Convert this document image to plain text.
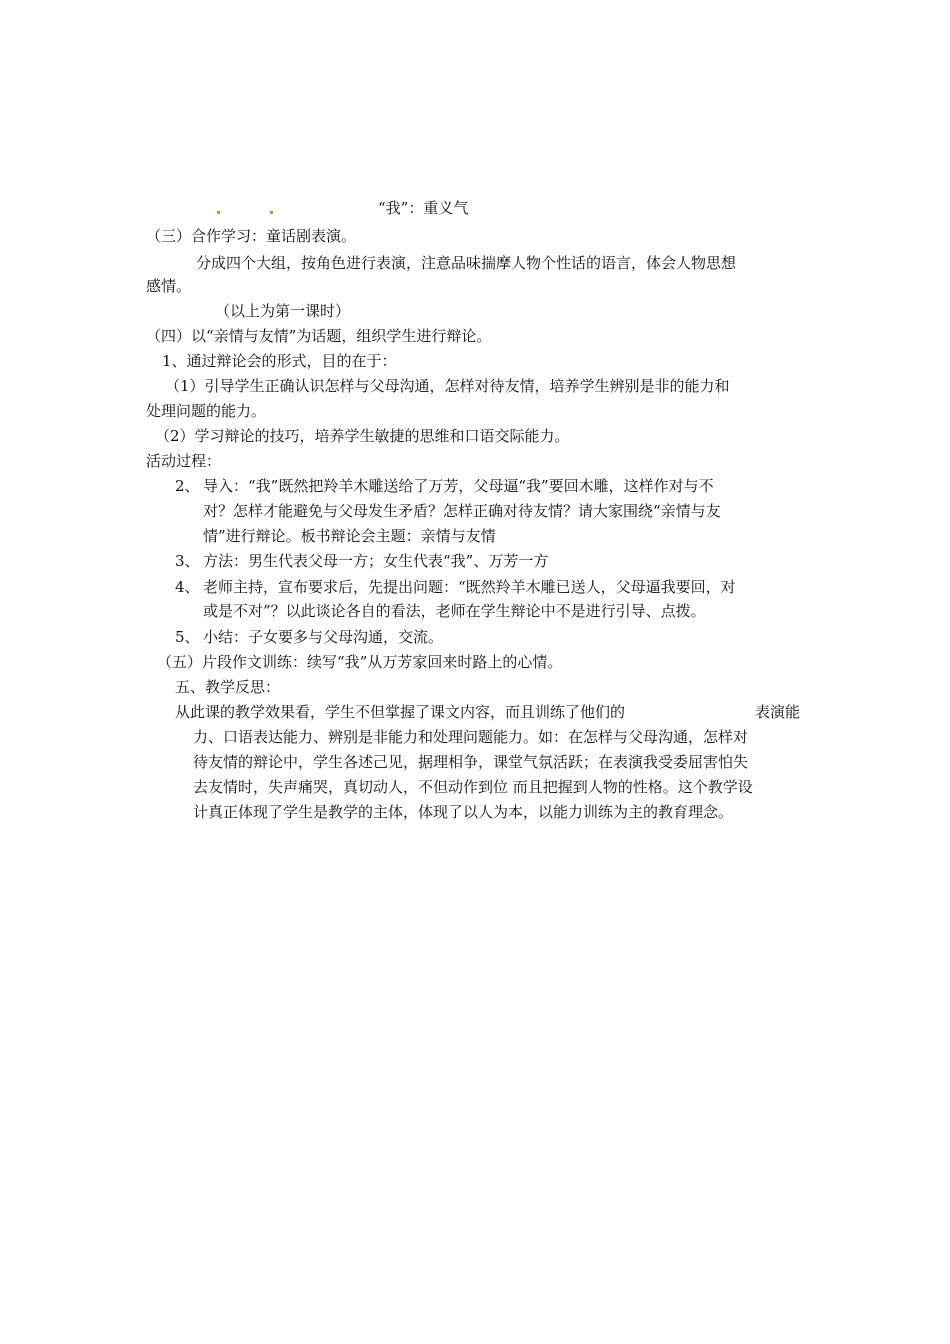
“我”：重义气
（三）合作学习：童话剧表演。
分成四个大组，按角色进行表演，注意品味揣摩人物个性话的语言，体会人物思想
感情。
（以上为第一课时）
（四）以“亲情与友情”为话题，组织学生进行辩论。
1、通过辩论会的形式，目的在于：
（1）引导学生正确认识怎样与父母沟通，怎样对待友情，培养学生辨别是非的能力和
处理问题的能力。
（2）学习辩论的技巧，培养学生敏捷的思维和口语交际能力。
活动过程：
2、 导入：“我”既然把羚羊木雕送给了万芳，父母逼“我”要回木雕，这样作对与不
对？怎样才能避免与父母发生矛盾？怎样正确对待友情？请大家围绕“亲情与友
情”进行辩论。板书辩论会主题：亲情与友情
3、 方法：男生代表父母一方；女生代表“我”、万芳一方
4、 老师主持，宣布要求后，先提出问题：“既然羚羊木雕已送人，父母逼我要回，对
或是不对”？以此谈论各自的看法，老师在学生辩论中不是进行引导、点拨。
5、 小结：子女要多与父母沟通，交流。
（五）片段作文训练：续写“我”从万芳家回来时路上的心情。
五、教学反思：
从此课的教学效果看，学生不但掌握了课文内容，而且训练了他们的	表演能
力、口语表达能力、辨别是非能力和处理问题能力。如：在怎样与父母沟通，怎样对
待友情的辩论中，学生各述己见，据理相争，课堂气氛活跃；在表演我受委屈害怕失
去友情时，失声痛哭，真切动人，不但动作到位 而且把握到人物的性格。这个教学设
计真正体现了学生是教学的主体，体现了以人为本，以能力训练为主的教育理念。
